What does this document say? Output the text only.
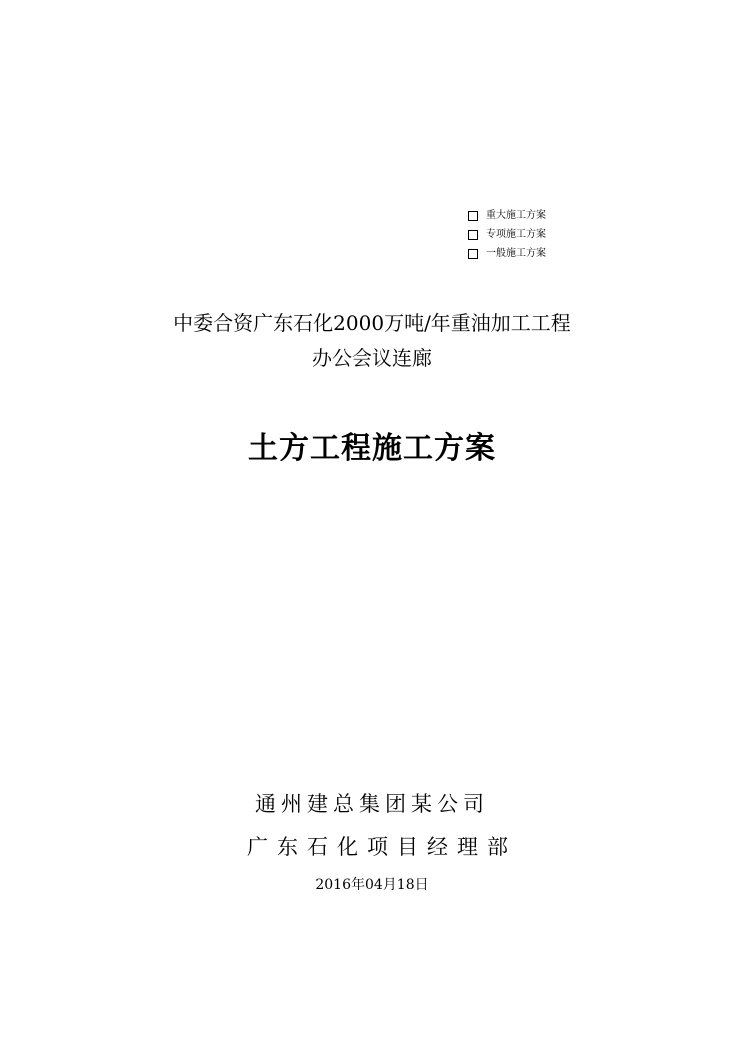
重大施工方案
专项施工方案
一般施工方案
中委合资广东石化2000万吨/年重油加工工程
办公会议连廊
土方工程施工方案
通州建总集团某公司
广东石化项目经理部
2016年04月18日
